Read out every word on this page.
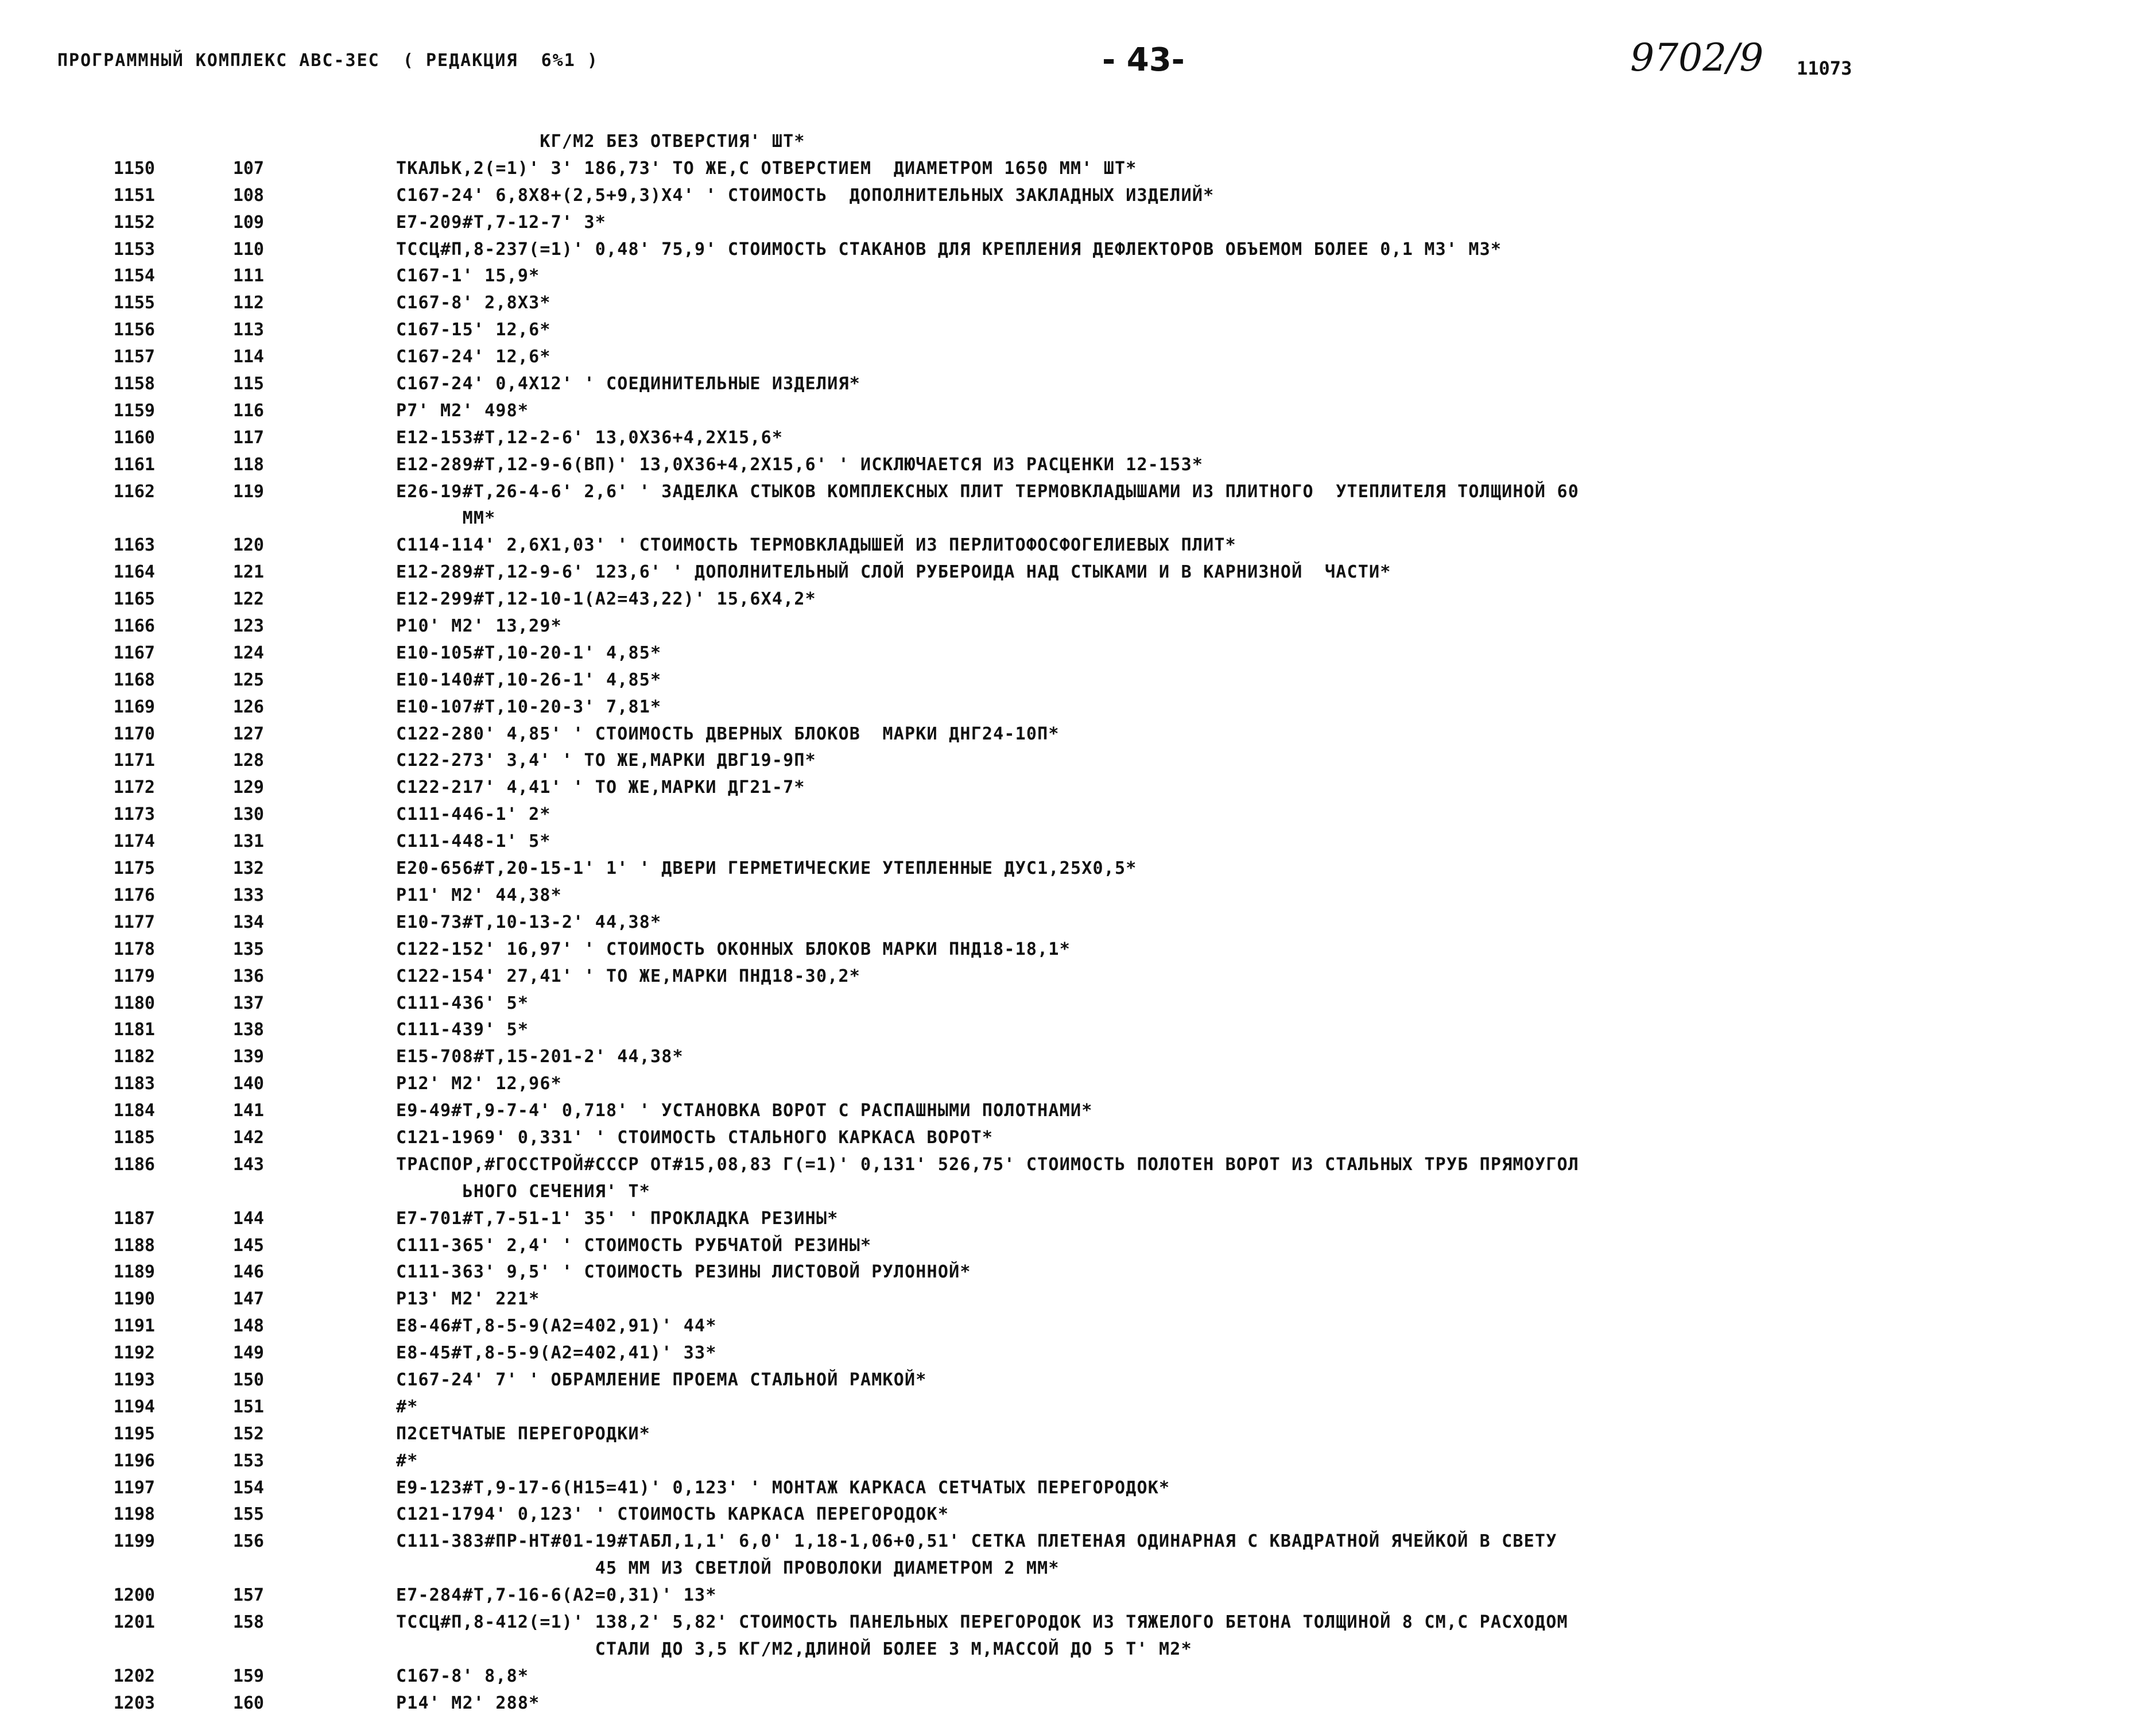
ПРОГРАММНЫЙ КОМПЛЕКС АВС-ЗЕС  ( РЕДАКЦИЯ  6%1 )	- 43-	9702/9 11073
КГ/М2 БЕЗ ОТВЕРСТИЯ' ШТ*
1150	107	ТКАЛЬК,2(=1)' 3' 186,73' ТО ЖЕ,С ОТВЕРСТИЕМ  ДИАМЕТРОМ 1650 ММ' ШТ*
1151	108	С167-24' 6,8Х8+(2,5+9,3)Х4' ' СТОИМОСТЬ  ДОПОЛНИТЕЛЬНЫХ ЗАКЛАДНЫХ ИЗДЕЛИЙ*
1152	109	Е7-209#Т,7-12-7' 3*
1153	110	ТССЦ#П,8-237(=1)' 0,48' 75,9' СТОИМОСТЬ СТАКАНОВ ДЛЯ КРЕПЛЕНИЯ ДЕФЛЕКТОРОВ ОБЪЕМОМ БОЛЕЕ 0,1 М3' М3*
1154	111	С167-1' 15,9*
1155	112	С167-8' 2,8Х3*
1156	113	С167-15' 12,6*
1157	114	С167-24' 12,6*
1158	115	С167-24' 0,4Х12' ' СОЕДИНИТЕЛЬНЫЕ ИЗДЕЛИЯ*
1159	116	Р7' М2' 498*
1160	117	Е12-153#Т,12-2-6' 13,0Х36+4,2Х15,6*
1161	118	Е12-289#Т,12-9-6(ВП)' 13,0Х36+4,2Х15,6' ' ИСКЛЮЧАЕТСЯ ИЗ РАСЦЕНКИ 12-153*
1162	119	Е26-19#Т,26-4-6' 2,6' ' ЗАДЕЛКА СТЫКОВ КОМПЛЕКСНЫХ ПЛИТ ТЕРМОВКЛАДЫШАМИ ИЗ ПЛИТНОГО  УТЕПЛИТЕЛЯ ТОЛЩИНОЙ 60
ММ*
1163	120	С114-114' 2,6Х1,03' ' СТОИМОСТЬ ТЕРМОВКЛАДЫШЕЙ ИЗ ПЕРЛИТОФОСФОГЕЛИЕВЫХ ПЛИТ*
1164	121	Е12-289#Т,12-9-6' 123,6' ' ДОПОЛНИТЕЛЬНЫЙ СЛОЙ РУБЕРОИДА НАД СТЫКАМИ И В КАРНИЗНОЙ  ЧАСТИ*
1165	122	Е12-299#Т,12-10-1(А2=43,22)' 15,6Х4,2*
1166	123	Р10' М2' 13,29*
1167	124	Е10-105#Т,10-20-1' 4,85*
1168	125	Е10-140#Т,10-26-1' 4,85*
1169	126	Е10-107#Т,10-20-3' 7,81*
1170	127	С122-280' 4,85' ' СТОИМОСТЬ ДВЕРНЫХ БЛОКОВ  МАРКИ ДНГ24-10П*
1171	128	С122-273' 3,4' ' ТО ЖЕ,МАРКИ ДВГ19-9П*
1172	129	С122-217' 4,41' ' ТО ЖЕ,МАРКИ ДГ21-7*
1173	130	С111-446-1' 2*
1174	131	С111-448-1' 5*
1175	132	Е20-656#Т,20-15-1' 1' ' ДВЕРИ ГЕРМЕТИЧЕСКИЕ УТЕПЛЕННЫЕ ДУС1,25Х0,5*
1176	133	Р11' М2' 44,38*
1177	134	Е10-73#Т,10-13-2' 44,38*
1178	135	С122-152' 16,97' ' СТОИМОСТЬ ОКОННЫХ БЛОКОВ МАРКИ ПНД18-18,1*
1179	136	С122-154' 27,41' ' ТО ЖЕ,МАРКИ ПНД18-30,2*
1180	137	С111-436' 5*
1181	138	С111-439' 5*
1182	139	Е15-708#Т,15-201-2' 44,38*
1183	140	Р12' М2' 12,96*
1184	141	Е9-49#Т,9-7-4' 0,718' ' УСТАНОВКА ВОРОТ С РАСПАШНЫМИ ПОЛОТНАМИ*
1185	142	С121-1969' 0,331' ' СТОИМОСТЬ СТАЛЬНОГО КАРКАСА ВОРОТ*
1186	143	ТРАСПОР,#ГОССТРОЙ#СССР ОТ#15,08,83 Г(=1)' 0,131' 526,75' СТОИМОСТЬ ПОЛОТЕН ВОРОТ ИЗ СТАЛЬНЫХ ТРУБ ПРЯМОУГОЛ
ЬНОГО СЕЧЕНИЯ' Т*
1187	144	Е7-701#Т,7-51-1' 35' ' ПРОКЛАДКА РЕЗИНЫ*
1188	145	С111-365' 2,4' ' СТОИМОСТЬ РУБЧАТОЙ РЕЗИНЫ*
1189	146	С111-363' 9,5' ' СТОИМОСТЬ РЕЗИНЫ ЛИСТОВОЙ РУЛОННОЙ*
1190	147	Р13' М2' 221*
1191	148	Е8-46#Т,8-5-9(А2=402,91)' 44*
1192	149	Е8-45#Т,8-5-9(А2=402,41)' 33*
1193	150	С167-24' 7' ' ОБРАМЛЕНИЕ ПРОЕМА СТАЛЬНОЙ РАМКОЙ*
1194	151	#*
1195	152	П2СЕТЧАТЫЕ ПЕРЕГОРОДКИ*
1196	153	#*
1197	154	Е9-123#Т,9-17-6(Н15=41)' 0,123' ' МОНТАЖ КАРКАСА СЕТЧАТЫХ ПЕРЕГОРОДОК*
1198	155	С121-1794' 0,123' ' СТОИМОСТЬ КАРКАСА ПЕРЕГОРОДОК*
1199	156	С111-383#ПР-НТ#01-19#ТАБЛ,1,1' 6,0' 1,18-1,06+0,51' СЕТКА ПЛЕТЕНАЯ ОДИНАРНАЯ С КВАДРАТНОЙ ЯЧЕЙКОЙ В СВЕТУ
45 ММ ИЗ СВЕТЛОЙ ПРОВОЛОКИ ДИАМЕТРОМ 2 ММ*
1200	157	Е7-284#Т,7-16-6(А2=0,31)' 13*
1201	158	ТССЦ#П,8-412(=1)' 138,2' 5,82' СТОИМОСТЬ ПАНЕЛЬНЫХ ПЕРЕГОРОДОК ИЗ ТЯЖЕЛОГО БЕТОНА ТОЛЩИНОЙ 8 СМ,С РАСХОДОМ
СТАЛИ ДО 3,5 КГ/М2,ДЛИНОЙ БОЛЕЕ 3 М,МАССОЙ ДО 5 Т' М2*
1202	159	С167-8' 8,8*
1203	160	Р14' М2' 288*
